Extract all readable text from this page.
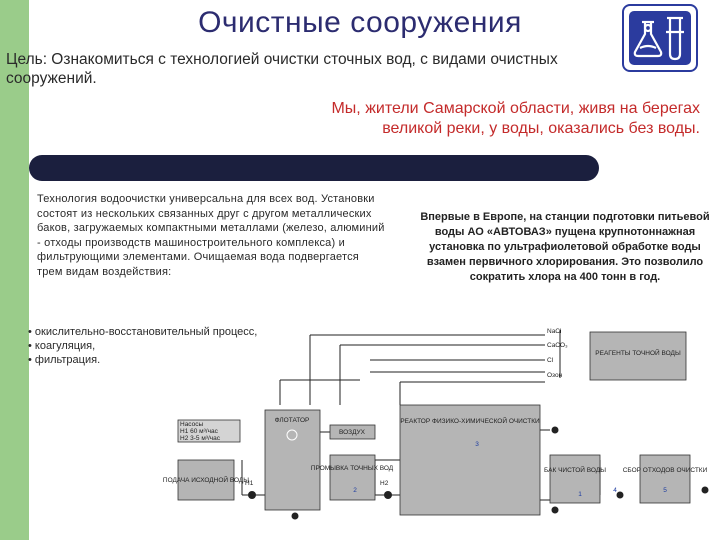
Очистные сооружения
Цель: Ознакомиться с технологией очистки сточных вод, с видами очистных сооружений.
Мы, жители Самарской области, живя на берегах
великой реки, у воды, оказались без воды.
Технология водоочистки универсальна для всех вод. Установки состоят из нескольких связанных друг с другом металлических баков, загружаемых компактными металлами (железо, алюминий - отходы производств машиностроительного комплекса) и фильтрующими элементами. Очищаемая вода подвергается трем видам воздействия:
• окислительно-восстановительный процесс,
• коагуляция,
• фильтрация.
Впервые в Европе, на станции подготовки питьевой воды АО «АВТОВАЗ» пущена крупнотоннажная установка по ультрафиолетовой обработке воды взамен первичного хлорирования. Это позволило сократить хлора на 400 тонн в год.
NaCl
CaCO₃
Cl
Озон
РЕАГЕНТЫ ТОЧНОЙ ВОДЫ
Насосы
Н1 60 м³/час
Н2 3-5 м³/час
ПОДАЧА ИСХОДНОЙ ВОДЫ
ФЛОТАТОР
ВОЗДУХ
ПРОМЫВКА ТОЧНЫХ ВОД
2
РЕАКТОР ФИЗИКО-ХИМИЧЕСКОЙ ОЧИСТКИ
3
БАК ЧИСТОЙ ВОДЫ
1
СБОР ОТХОДОВ ОЧИСТКИ
5
4
Н1	Н2
